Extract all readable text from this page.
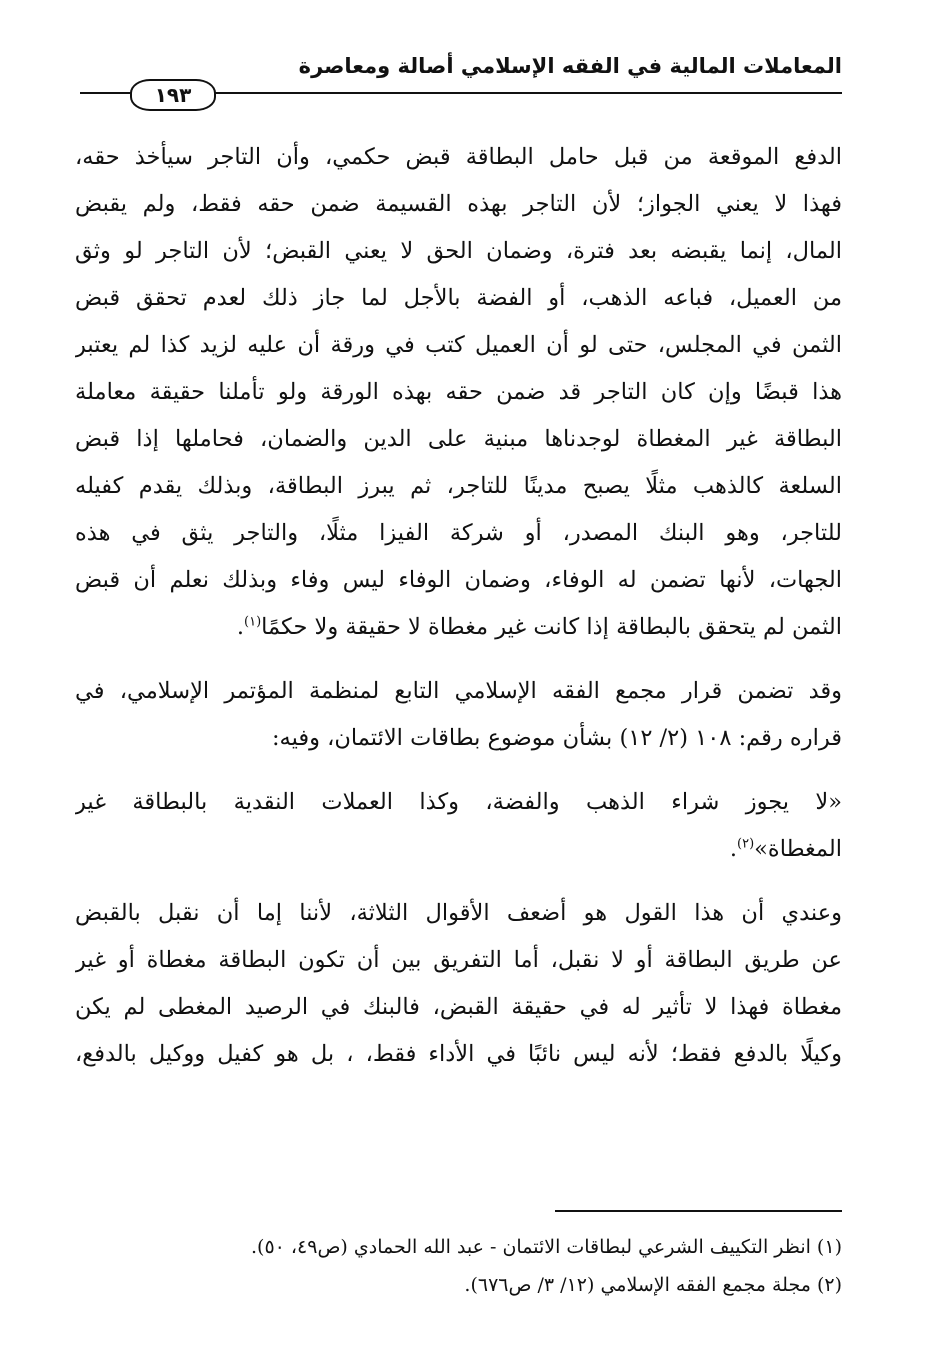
المعاملات المالية في الفقه الإسلامي أصالة ومعاصرة
١٩٣
الدفع الموقعة من قبل حامل البطاقة قبض حكمي، وأن التاجر سيأخذ حقه،
فهذا لا يعني الجواز؛ لأن التاجر بهذه القسيمة ضمن حقه فقط، ولم يقبض
المال، إنما يقبضه بعد فترة، وضمان الحق لا يعني القبض؛ لأن التاجر لو وثق
من العميل، فباعه الذهب، أو الفضة بالأجل لما جاز ذلك لعدم تحقق قبض
الثمن في المجلس، حتى لو أن العميل كتب في ورقة أن عليه لزيد كذا لم يعتبر
هذا قبضًا وإن كان التاجر قد ضمن حقه بهذه الورقة ولو تأملنا حقيقة معاملة
البطاقة غير المغطاة لوجدناها مبنية على الدين والضمان، فحاملها إذا قبض
السلعة كالذهب مثلًا يصبح مدينًا للتاجر، ثم يبرز البطاقة، وبذلك يقدم كفيله
للتاجر، وهو البنك المصدر، أو شركة الفيزا مثلًا، والتاجر يثق في هذه
الجهات، لأنها تضمن له الوفاء، وضمان الوفاء ليس وفاء وبذلك نعلم أن قبض
الثمن لم يتحقق بالبطاقة إذا كانت غير مغطاة لا حقيقة ولا حكمًا$^{(١)}$.
وقد تضمن قرار مجمع الفقه الإسلامي التابع لمنظمة المؤتمر الإسلامي، في
قراره رقم: ١٠٨ (٢/ ١٢) بشأن موضوع بطاقات الائتمان، وفيه:
«لا يجوز شراء الذهب والفضة، وكذا العملات النقدية بالبطاقة غير
المغطاة»$^{(٢)}$.
وعندي أن هذا القول هو أضعف الأقوال الثلاثة، لأننا إما أن نقبل بالقبض
عن طريق البطاقة أو لا نقبل، أما التفريق بين أن تكون البطاقة مغطاة أو غير
مغطاة فهذا لا تأثير له في حقيقة القبض، فالبنك في الرصيد المغطى لم يكن
وكيلًا بالدفع فقط؛ لأنه ليس نائبًا في الأداء فقط، ، بل هو كفيل ووكيل بالدفع،
(١) انظر التكييف الشرعي لبطاقات الائتمان - عبد الله الحمادي (ص٤٩، ٥٠).
(٢) مجلة مجمع الفقه الإسلامي (١٢/ ٣/ ص٦٧٦).
